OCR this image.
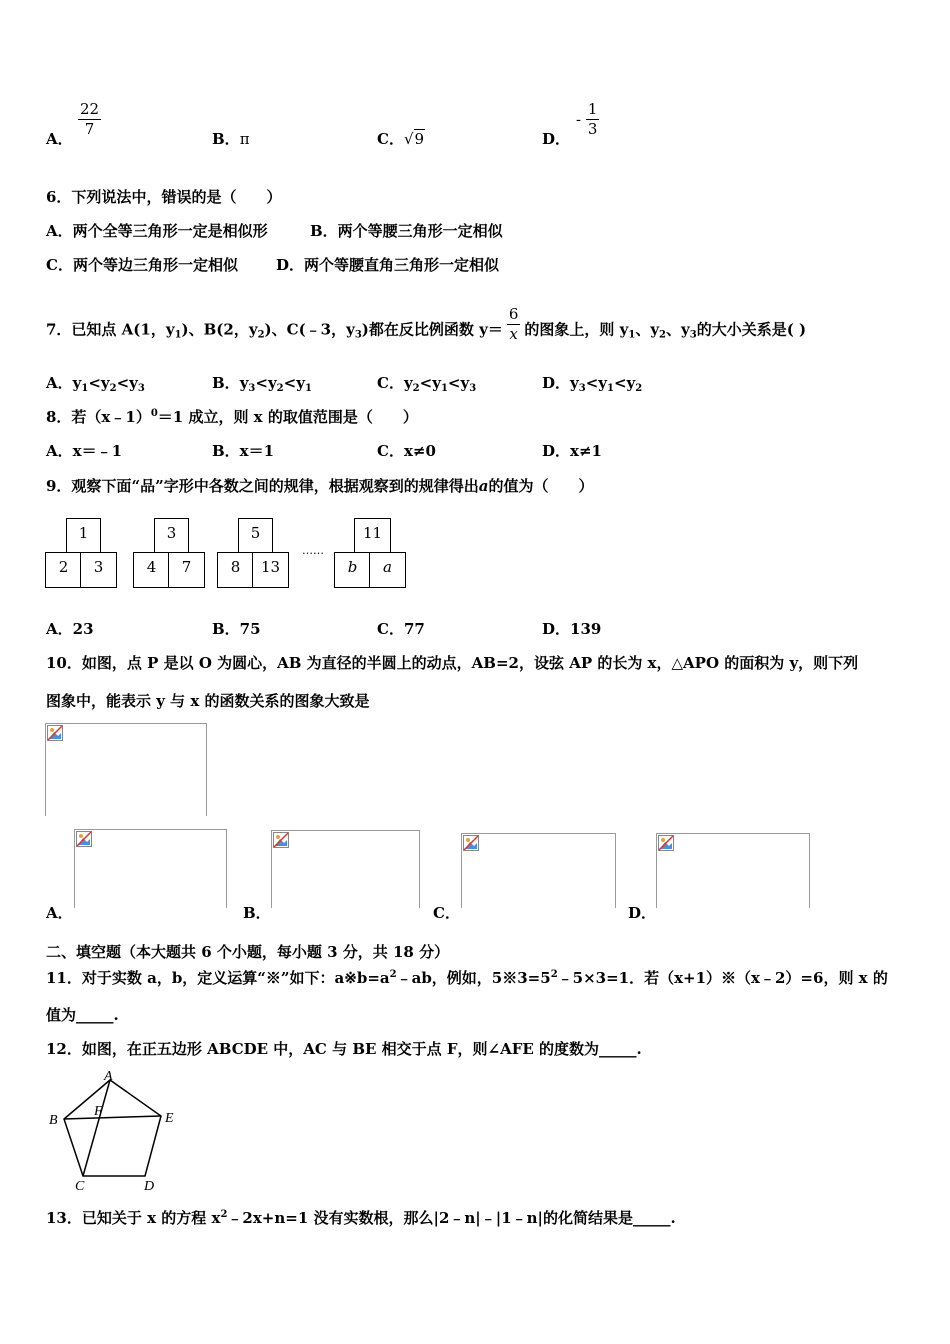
A．
$\frac{22}{7}$
B．π	C．√9	D．
- $\frac{1}{3}$
6．下列说法中，错误的是（　　）
A．两个全等三角形一定是相似形	B．两个等腰三角形一定相似
C．两个等边三角形一定相似	D．两个等腰直角三角形一定相似
7．已知点 A(1，$y_1$)、B(2，$y_2$)、C(﹣3，$y_3$)都在反比例函数 $y= \frac{6}{x}$ 的图象上，则 $y_1$、$y_2$、$y_3$的大小关系是( )
A．$y_1<y_2<y_3$	B．$y_3<y_2<y_1$	C．$y_2<y_1<y_3$	D．$y_3<y_1<y_2$
8．若（x﹣1）$^0$＝1 成立，则 x 的取值范围是（　　）
A．x＝﹣1	B．x＝1	C．x≠0	D．x≠1
9．观察下面“品”字形中各数之间的规律，根据观察到的规律得出a的值为（　　）
1
2	3
3
4	7
5
8	13
……
11
b	a
A．23	B．75	C．77	D．139
10．如图，点 P 是以 O 为圆心，AB 为直径的半圆上的动点，AB=2，设弦 AP 的长为 x，△APO 的面积为 y，则下列
图象中，能表示 y 与 x 的函数关系的图象大致是
A．	B．	C．	D．
二、填空题（本大题共 6 个小题，每小题 3 分，共 18 分）
11．对于实数 a，b，定义运算“※”如下：$a※b=a^2﹣ab$，例如，$5※3=5^2﹣5\times 3=1$．若（x+1）※（x﹣2）=6，则 x 的
值为_____.
12．如图，在正五边形 ABCDE 中，AC 与 BE 相交于点 F，则∠AFE 的度数为_____.
A
B	E
C	D
F
13．已知关于 x 的方程 $x^2﹣2x+n=1$ 没有实数根，那么|2﹣n|﹣|1﹣n|的化简结果是_____.
